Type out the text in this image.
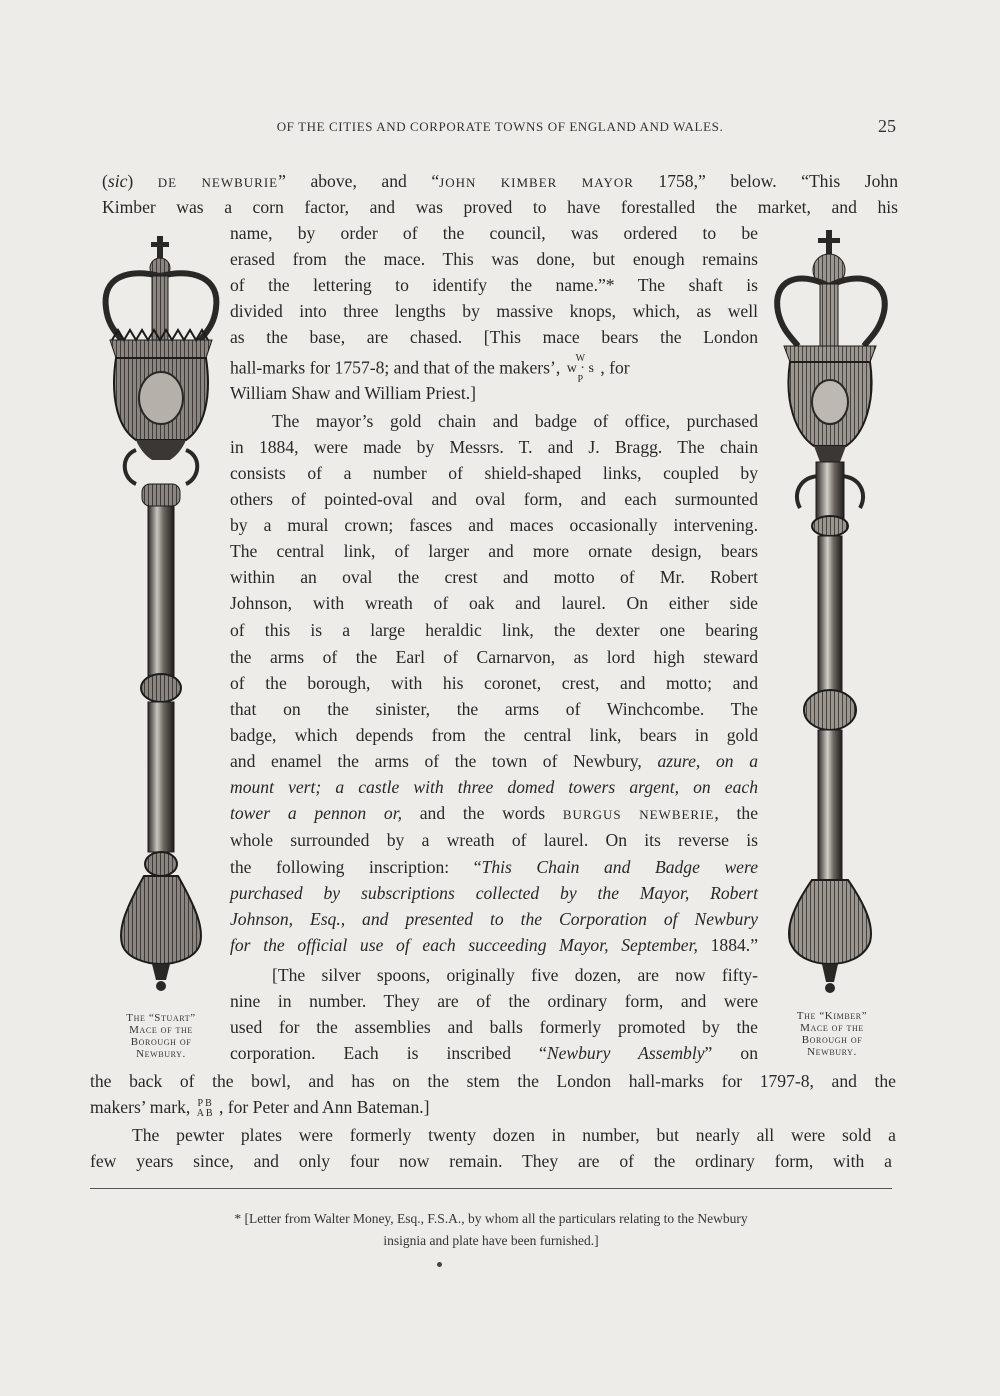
OF THE CITIES AND CORPORATE TOWNS OF ENGLAND AND WALES.	25
The “Stuart”
Mace of the
Borough of
Newbury.
The “Kimber”
Mace of the
Borough of
Newbury.
(sic) DE NEWBURIE” above, and “JOHN KIMBER MAYOR 1758,” below. “This John
Kimber was a corn factor, and was proved to have forestalled the market, and his
name, by order of the council, was ordered to be
erased from the mace. This was done, but enough remains
of the lettering to identify the name.”* The shaft is
divided into three lengths by massive knops, which, as well
as the base, are chased. [This mace bears the London
hall-marks for 1757-8; and that of the makers’, W
w · s
P , for
William Shaw and William Priest.]
The mayor’s gold chain and badge of office, purchased
in 1884, were made by Messrs. T. and J. Bragg. The chain
consists of a number of shield-shaped links, coupled by
others of pointed-oval and oval form, and each surmounted
by a mural crown; fasces and maces occasionally intervening.
The central link, of larger and more ornate design, bears
within an oval the crest and motto of Mr. Robert
Johnson, with wreath of oak and laurel. On either side
of this is a large heraldic link, the dexter one bearing
the arms of the Earl of Carnarvon, as lord high steward
of the borough, with his coronet, crest, and motto; and
that on the sinister, the arms of Winchcombe. The
badge, which depends from the central link, bears in gold
and enamel the arms of the town of Newbury, azure, on a
mount vert; a castle with three domed towers argent, on each
tower a pennon or, and the words BURGUS NEWBERIE, the
whole surrounded by a wreath of laurel. On its reverse is
the following inscription: “This Chain and Badge were
purchased by subscriptions collected by the Mayor, Robert
Johnson, Esq., and presented to the Corporation of Newbury
for the official use of each succeeding Mayor, September, 1884.”
[The silver spoons, originally five dozen, are now fifty-
nine in number. They are of the ordinary form, and were
used for the assemblies and balls formerly promoted by the
corporation. Each is inscribed “Newbury Assembly” on
the back of the bowl, and has on the stem the London hall-marks for 1797-8, and the
makers’ mark, P B
A B , for Peter and Ann Bateman.]
The pewter plates were formerly twenty dozen in number, but nearly all were sold a
few years since, and only four now remain. They are of the ordinary form, with a
* [Letter from Walter Money, Esq., F.S.A., by whom all the particulars relating to the Newbury
insignia and plate have been furnished.]
